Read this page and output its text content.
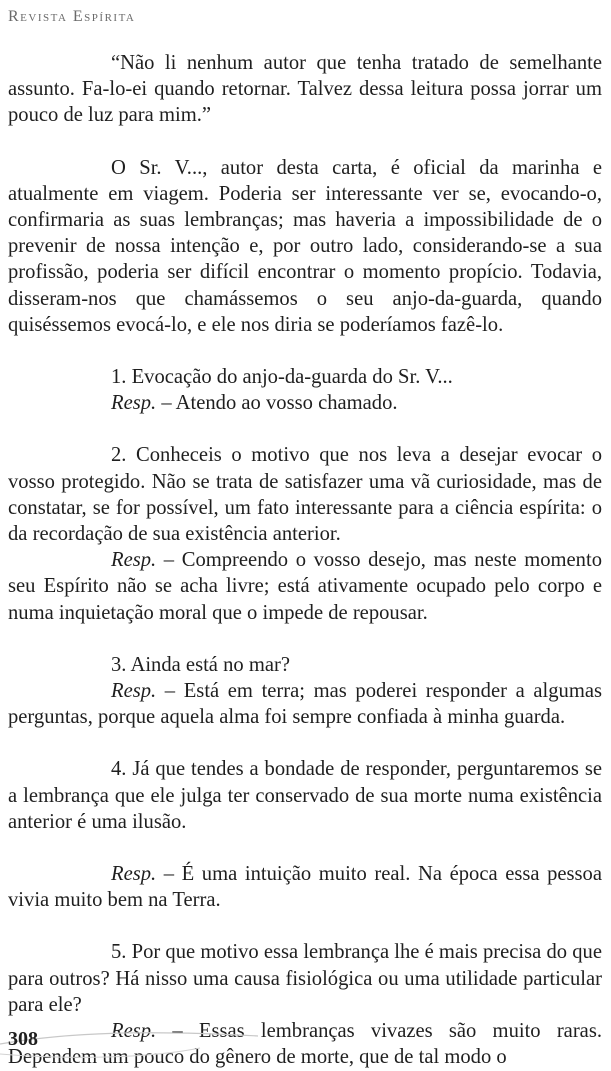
Revista Espírita

“Não li nenhum autor que tenha tratado de semelhante assunto. Fa-lo-ei quando retornar. Talvez dessa leitura possa jorrar um pouco de luz para mim.”

O Sr. V..., autor desta carta, é oficial da marinha e atualmente em viagem. Poderia ser interessante ver se, evocando-o, confirmaria as suas lembranças; mas haveria a impossibilidade de o prevenir de nossa intenção e, por outro lado, considerando-se a sua profissão, poderia ser difícil encontrar o momento propício. Todavia, disseram-nos que chamássemos o seu anjo-da-guarda, quando quiséssemos evocá-lo, e ele nos diria se poderíamos fazê-lo.

1. Evocação do anjo-da-guarda do Sr. V...
Resp. – Atendo ao vosso chamado.

2. Conheceis o motivo que nos leva a desejar evocar o vosso protegido. Não se trata de satisfazer uma vã curiosidade, mas de constatar, se for possível, um fato interessante para a ciência espírita: o da recordação de sua existência anterior.
Resp. – Compreendo o vosso desejo, mas neste momento seu Espírito não se acha livre; está ativamente ocupado pelo corpo e numa inquietação moral que o impede de repousar.

3. Ainda está no mar?
Resp. – Está em terra; mas poderei responder a algumas perguntas, porque aquela alma foi sempre confiada à minha guarda.

4. Já que tendes a bondade de responder, perguntaremos se a lembrança que ele julga ter conservado de sua morte numa existência anterior é uma ilusão.

Resp. – É uma intuição muito real. Na época essa pessoa vivia muito bem na Terra.

5. Por que motivo essa lembrança lhe é mais precisa do que para outros? Há nisso uma causa fisiológica ou uma utilidade particular para ele?
Resp. – Essas lembranças vivazes são muito raras. Dependem um pouco do gênero de morte, que de tal modo o

308
